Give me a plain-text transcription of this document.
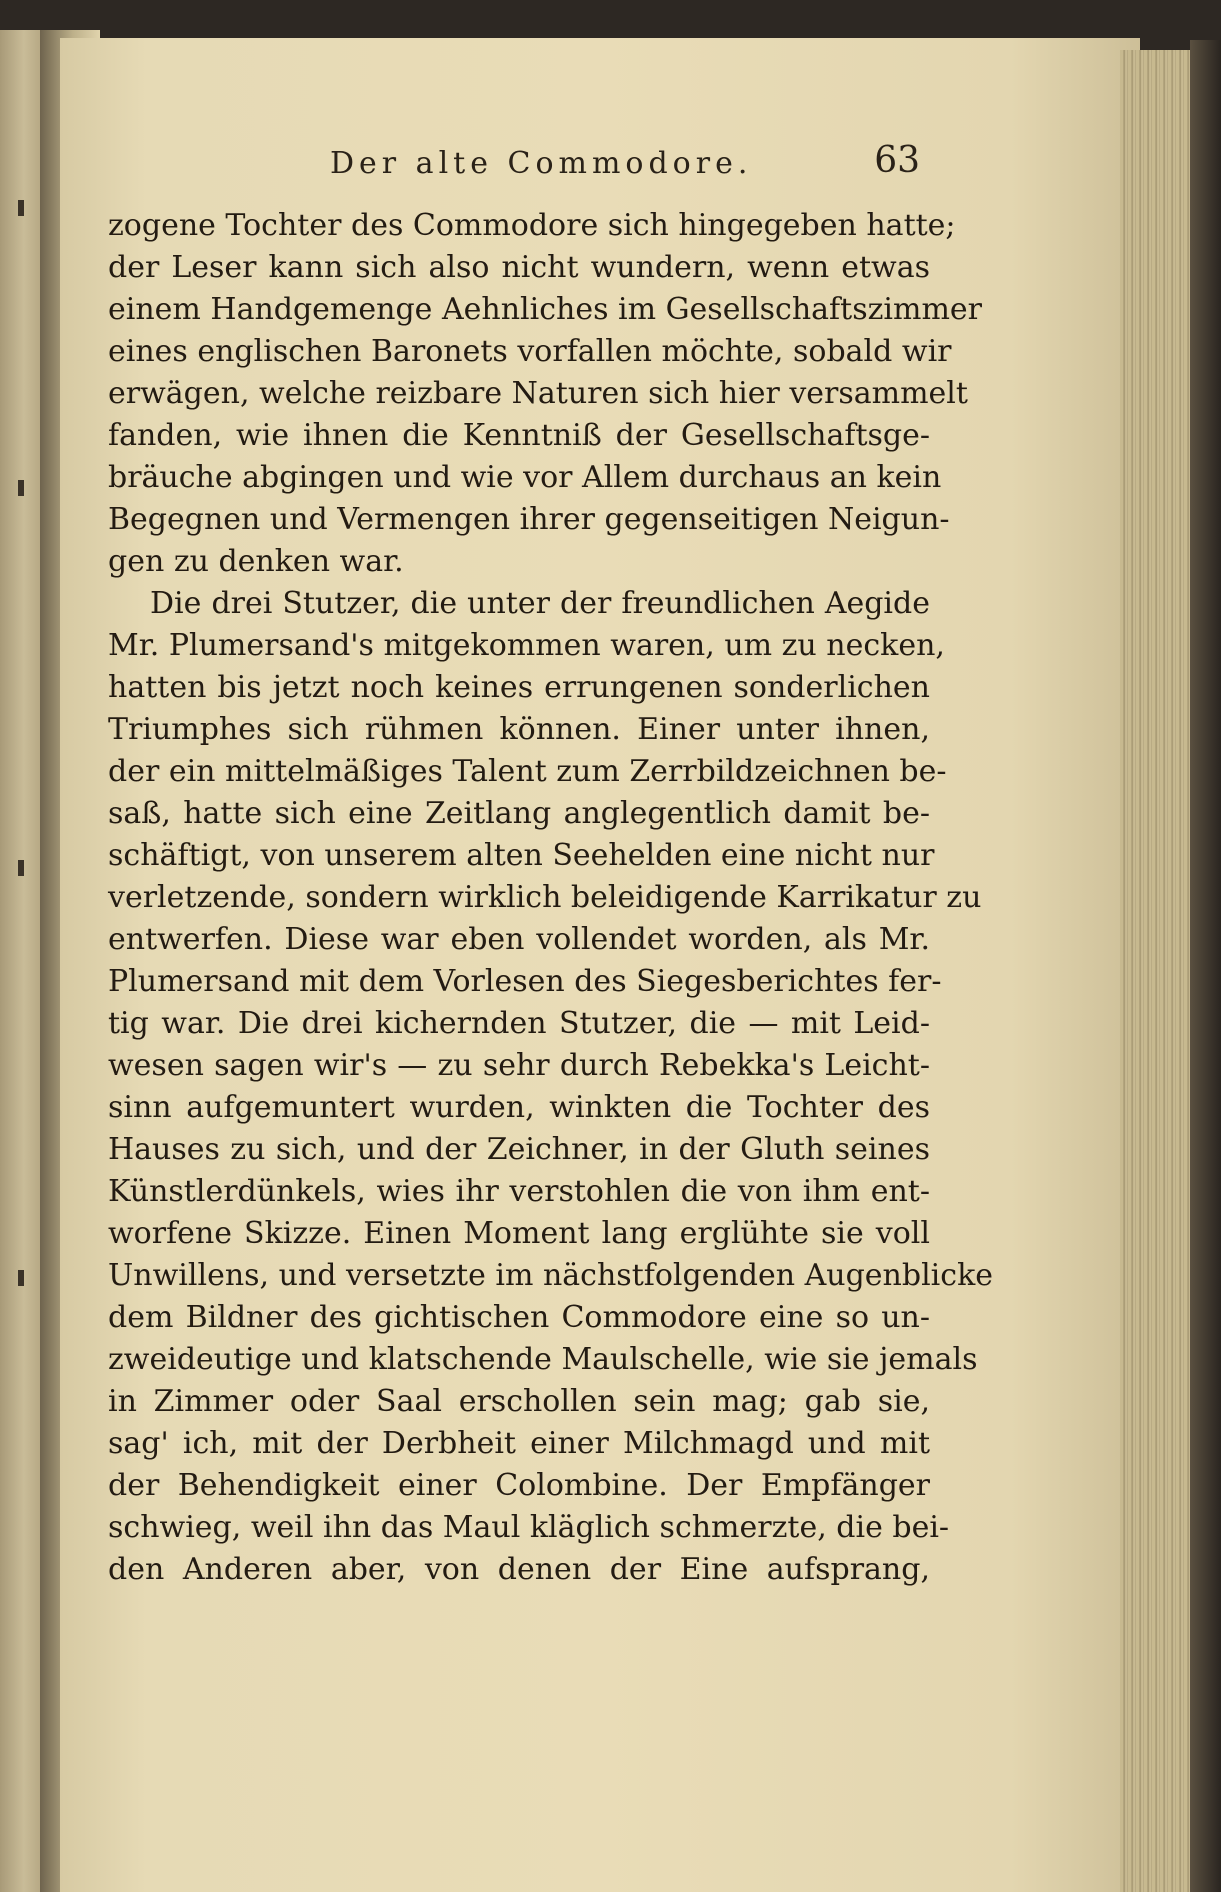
Der alte Commodore.	63
zogene Tochter des Commodore sich hingegeben hatte;
der Leser kann sich also nicht wundern, wenn etwas
einem Handgemenge Aehnliches im Gesellschaftszimmer
eines englischen Baronets vorfallen möchte, sobald wir
erwägen, welche reizbare Naturen sich hier versammelt
fanden, wie ihnen die Kenntniß der Gesellschaftsge-
bräuche abgingen und wie vor Allem durchaus an kein
Begegnen und Vermengen ihrer gegenseitigen Neigun-
gen zu denken war.
Die drei Stutzer, die unter der freundlichen Aegide
Mr. Plumersand's mitgekommen waren, um zu necken,
hatten bis jetzt noch keines errungenen sonderlichen
Triumphes sich rühmen können. Einer unter ihnen,
der ein mittelmäßiges Talent zum Zerrbildzeichnen be-
saß, hatte sich eine Zeitlang anglegentlich damit be-
schäftigt, von unserem alten Seehelden eine nicht nur
verletzende, sondern wirklich beleidigende Karrikatur zu
entwerfen. Diese war eben vollendet worden, als Mr.
Plumersand mit dem Vorlesen des Siegesberichtes fer-
tig war. Die drei kichernden Stutzer, die — mit Leid-
wesen sagen wir's — zu sehr durch Rebekka's Leicht-
sinn aufgemuntert wurden, winkten die Tochter des
Hauses zu sich, und der Zeichner, in der Gluth seines
Künstlerdünkels, wies ihr verstohlen die von ihm ent-
worfene Skizze. Einen Moment lang erglühte sie voll
Unwillens, und versetzte im nächstfolgenden Augenblicke
dem Bildner des gichtischen Commodore eine so un-
zweideutige und klatschende Maulschelle, wie sie jemals
in Zimmer oder Saal erschollen sein mag; gab sie,
sag' ich, mit der Derbheit einer Milchmagd und mit
der Behendigkeit einer Colombine. Der Empfänger
schwieg, weil ihn das Maul kläglich schmerzte, die bei-
den Anderen aber, von denen der Eine aufsprang,
